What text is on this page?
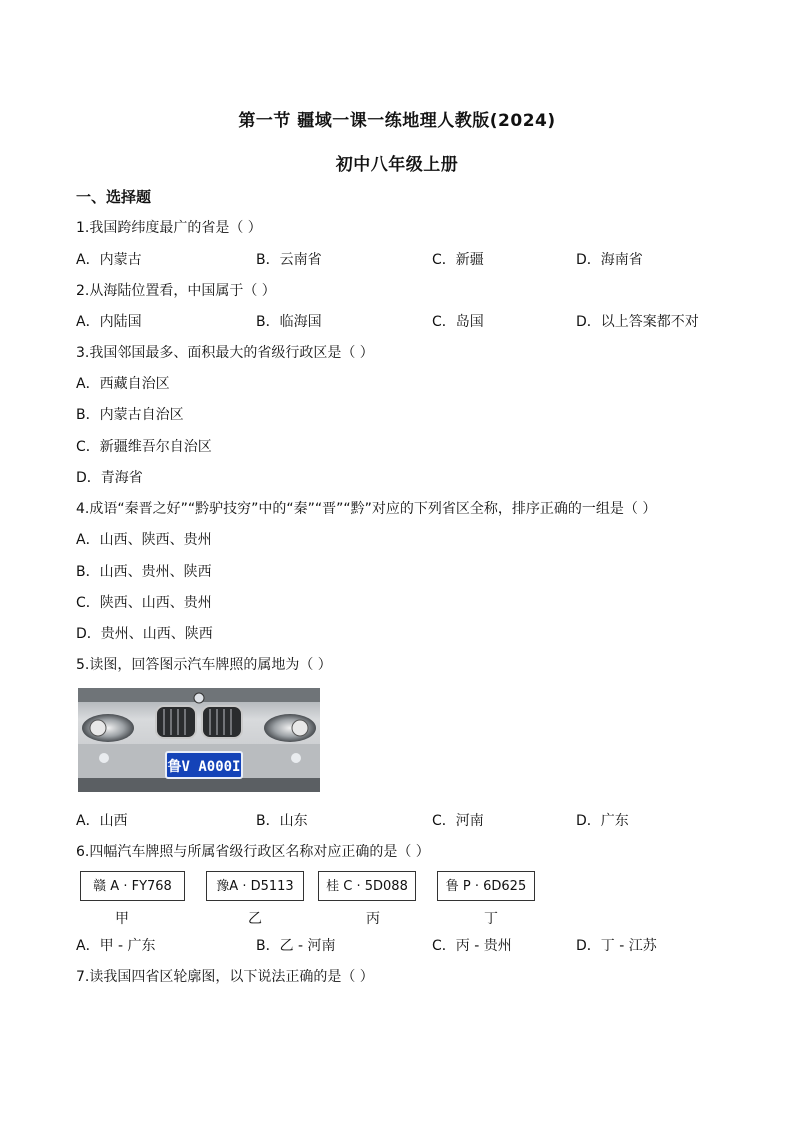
第一节 疆域一课一练地理人教版(2024)
初中八年级上册
一、选择题
1.我国跨纬度最广的省是（ ）
A．内蒙古	B．云南省	C．新疆	D．海南省
2.从海陆位置看，中国属于（ ）
A．内陆国	B．临海国	C．岛国	D．以上答案都不对
3.我国邻国最多、面积最大的省级行政区是（ ）
A．西藏自治区
B．内蒙古自治区
C．新疆维吾尔自治区
D．青海省
4.成语“秦晋之好”“黔驴技穷”中的“秦”“晋”“黔”对应的下列省区全称，排序正确的一组是（ ）
A．山西、陕西、贵州
B．山西、贵州、陕西
C．陕西、山西、贵州
D．贵州、山西、陕西
5.读图，回答图示汽车牌照的属地为（ ）
鲁V A000I
A．山西	B．山东	C．河南	D．广东
6.四幅汽车牌照与所属省级行政区名称对应正确的是（ ）
赣 A · FY768	豫A · D5113	桂 C · 5D088	鲁 P · 6D625
甲	乙	丙	丁
A．甲 - 广东	B．乙 - 河南	C．丙 - 贵州	D．丁 - 江苏
7.读我国四省区轮廓图，以下说法正确的是（ ）
